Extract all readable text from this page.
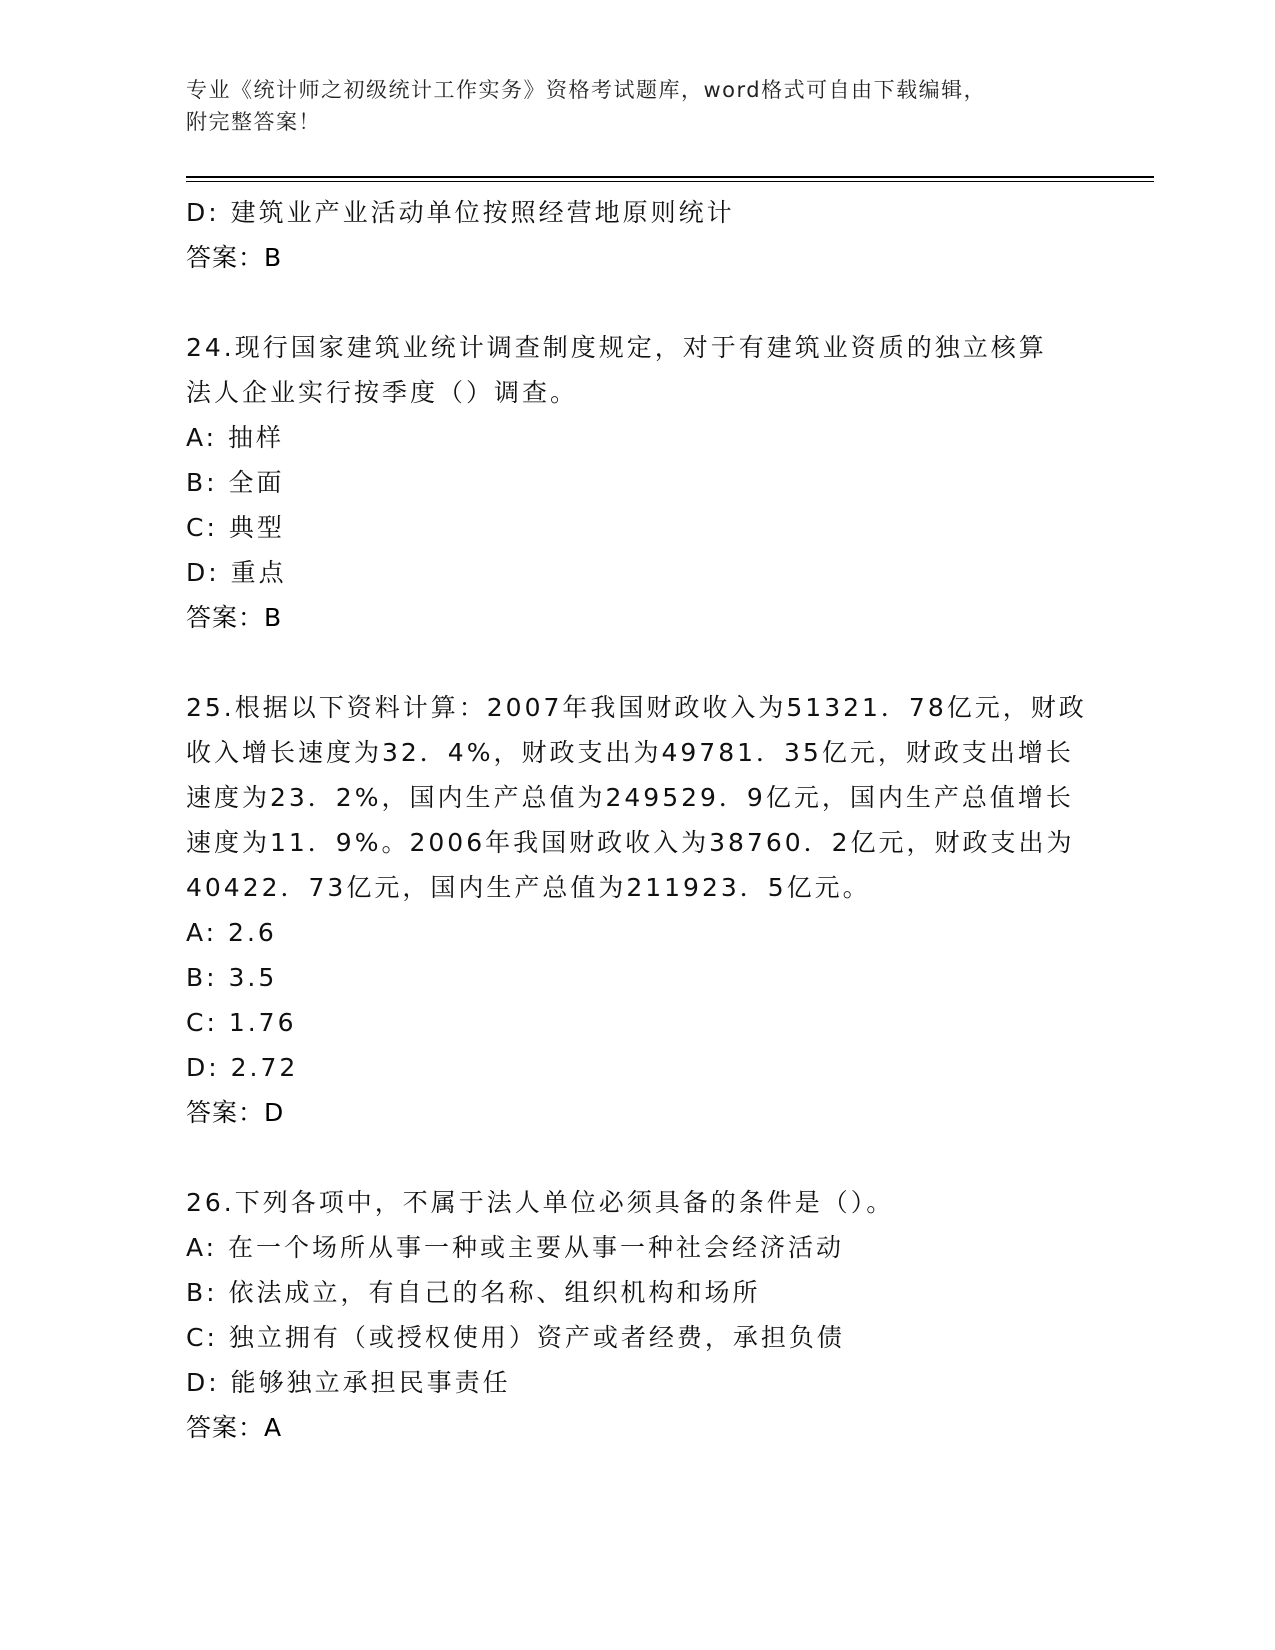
专业《统计师之初级统计工作实务》资格考试题库，word格式可自由下载编辑，
附完整答案！
D: 建筑业产业活动单位按照经营地原则统计
答案：B
24.现行国家建筑业统计调查制度规定，对于有建筑业资质的独立核算
法人企业实行按季度（）调查。
A: 抽样
B: 全面
C: 典型
D: 重点
答案：B
25.根据以下资料计算：2007年我国财政收入为51321．78亿元，财政
收入增长速度为32．4%，财政支出为49781．35亿元，财政支出增长
速度为23．2%，国内生产总值为249529．9亿元，国内生产总值增长
速度为11．9%。2006年我国财政收入为38760．2亿元，财政支出为
40422．73亿元，国内生产总值为211923．5亿元。
A: 2.6
B: 3.5
C: 1.76
D: 2.72
答案：D
26.下列各项中，不属于法人单位必须具备的条件是（）。
A: 在一个场所从事一种或主要从事一种社会经济活动
B: 依法成立，有自己的名称、组织机构和场所
C: 独立拥有（或授权使用）资产或者经费，承担负债
D: 能够独立承担民事责任
答案：A
